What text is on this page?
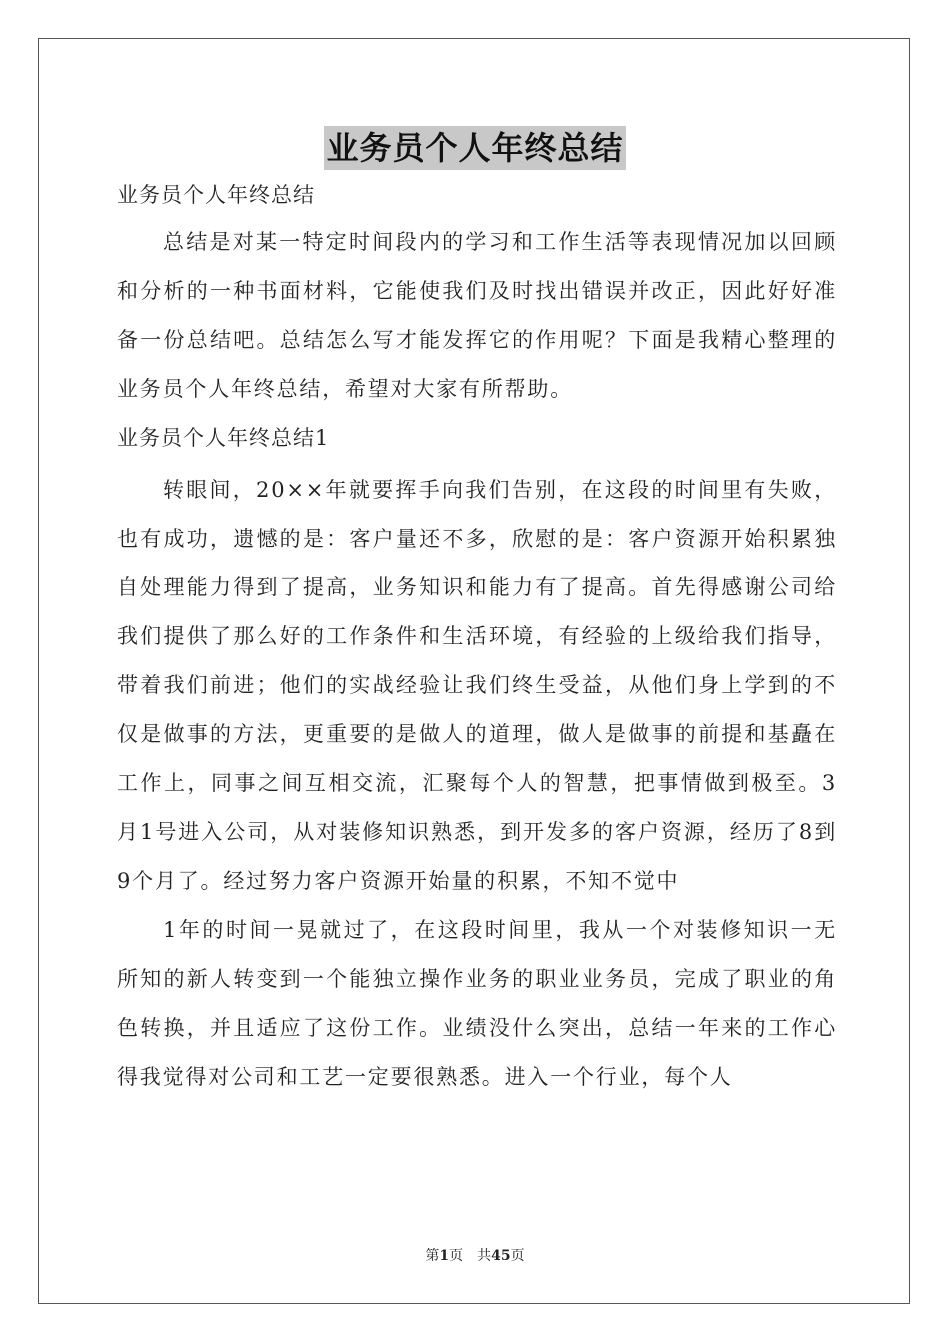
业务员个人年终总结
业务员个人年终总结

总结是对某一特定时间段内的学习和工作生活等表现情况加以回顾和分析的一种书面材料，它能使我们及时找出错误并改正，因此好好准备一份总结吧。总结怎么写才能发挥它的作用呢？下面是我精心整理的业务员个人年终总结，希望对大家有所帮助。

业务员个人年终总结1

转眼间，20××年就要挥手向我们告别，在这段的时间里有失败，也有成功，遗憾的是：客户量还不多，欣慰的是：客户资源开始积累独自处理能力得到了提高，业务知识和能力有了提高。首先得感谢公司给我们提供了那么好的工作条件和生活环境，有经验的上级给我们指导，带着我们前进；他们的实战经验让我们终生受益，从他们身上学到的不仅是做事的方法，更重要的是做人的道理，做人是做事的前提和基矗在工作上，同事之间互相交流，汇聚每个人的智慧，把事情做到极至。3月1号进入公司，从对装修知识熟悉，到开发多的客户资源，经历了8到9个月了。经过努力客户资源开始量的积累，不知不觉中

1年的时间一晃就过了，在这段时间里，我从一个对装修知识一无所知的新人转变到一个能独立操作业务的职业业务员，完成了职业的角色转换，并且适应了这份工作。业绩没什么突出，总结一年来的工作心得我觉得对公司和工艺一定要很熟悉。进入一个行业，每个人

第1页　共45页
